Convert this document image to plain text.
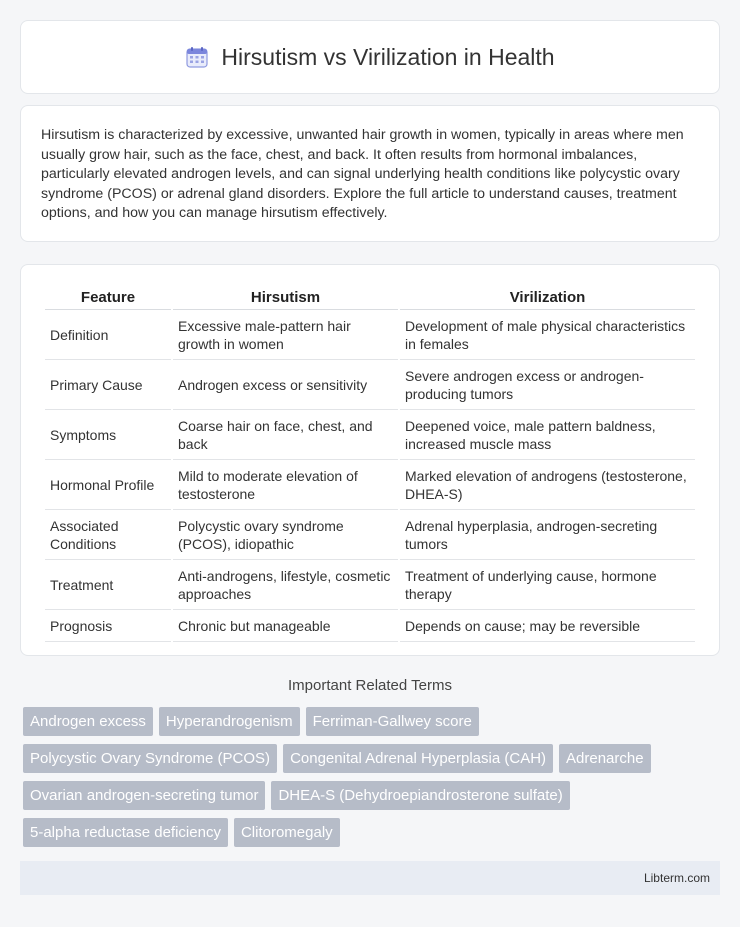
Hirsutism vs Virilization in Health

Hirsutism is characterized by excessive, unwanted hair growth in women, typically in areas where men usually grow hair, such as the face, chest, and back. It often results from hormonal imbalances, particularly elevated androgen levels, and can signal underlying health conditions like polycystic ovary syndrome (PCOS) or adrenal gland disorders. Explore the full article to understand causes, treatment options, and how you can manage hirsutism effectively.

Feature	Hirsutism	Virilization
Definition	Excessive male-pattern hair growth in women	Development of male physical characteristics in females
Primary Cause	Androgen excess or sensitivity	Severe androgen excess or androgen-producing tumors
Symptoms	Coarse hair on face, chest, and back	Deepened voice, male pattern baldness, increased muscle mass
Hormonal Profile	Mild to moderate elevation of testosterone	Marked elevation of androgens (testosterone, DHEA-S)
Associated Conditions	Polycystic ovary syndrome (PCOS), idiopathic	Adrenal hyperplasia, androgen-secreting tumors
Treatment	Anti-androgens, lifestyle, cosmetic approaches	Treatment of underlying cause, hormone therapy
Prognosis	Chronic but manageable	Depends on cause; may be reversible
Important Related Terms
Androgen excess	Hyperandrogenism	Ferriman-Gallwey score
Polycystic Ovary Syndrome (PCOS)	Congenital Adrenal Hyperplasia (CAH)	Adrenarche
Ovarian androgen-secreting tumor	DHEA-S (Dehydroepiandrosterone sulfate)
5-alpha reductase deficiency	Clitoromegaly
Libterm.com
